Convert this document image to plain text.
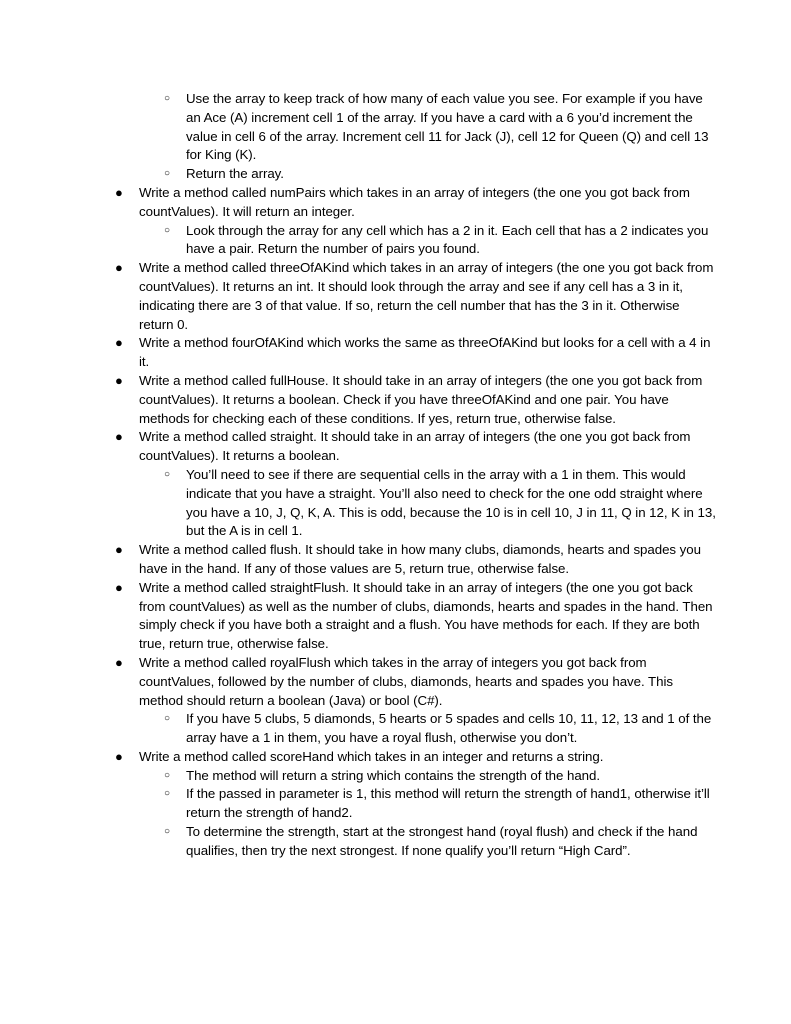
○ Use the array to keep track of how many of each value you see. For example if you have an Ace (A) increment cell 1 of the array. If you have a card with a 6 you’d increment the value in cell 6 of the array. Increment cell 11 for Jack (J), cell 12 for Queen (Q) and cell 13 for King (K).
○ Return the array.
● Write a method called numPairs which takes in an array of integers (the one you got back from countValues). It will return an integer.
○ Look through the array for any cell which has a 2 in it. Each cell that has a 2 indicates you have a pair. Return the number of pairs you found.
● Write a method called threeOfAKind which takes in an array of integers (the one you got back from countValues). It returns an int. It should look through the array and see if any cell has a 3 in it, indicating there are 3 of that value. If so, return the cell number that has the 3 in it. Otherwise return 0.
● Write a method fourOfAKind which works the same as threeOfAKind but looks for a cell with a 4 in it.
● Write a method called fullHouse. It should take in an array of integers (the one you got back from countValues). It returns a boolean. Check if you have threeOfAKind and one pair. You have methods for checking each of these conditions. If yes, return true, otherwise false.
● Write a method called straight. It should take in an array of integers (the one you got back from countValues). It returns a boolean.
○ You’ll need to see if there are sequential cells in the array with a 1 in them. This would indicate that you have a straight. You’ll also need to check for the one odd straight where you have a 10, J, Q, K, A. This is odd, because the 10 is in cell 10, J in 11, Q in 12, K in 13, but the A is in cell 1.
● Write a method called flush. It should take in how many clubs, diamonds, hearts and spades you have in the hand. If any of those values are 5, return true, otherwise false.
● Write a method called straightFlush. It should take in an array of integers (the one you got back from countValues) as well as the number of clubs, diamonds, hearts and spades in the hand. Then simply check if you have both a straight and a flush. You have methods for each. If they are both true, return true, otherwise false.
● Write a method called royalFlush which takes in the array of integers you got back from countValues, followed by the number of clubs, diamonds, hearts and spades you have. This method should return a boolean (Java) or bool (C#).
○ If you have 5 clubs, 5 diamonds, 5 hearts or 5 spades and cells 10, 11, 12, 13 and 1 of the array have a 1 in them, you have a royal flush, otherwise you don’t.
● Write a method called scoreHand which takes in an integer and returns a string.
○ The method will return a string which contains the strength of the hand.
○ If the passed in parameter is 1, this method will return the strength of hand1, otherwise it’ll return the strength of hand2.
○ To determine the strength, start at the strongest hand (royal flush) and check if the hand qualifies, then try the next strongest. If none qualify you’ll return “High Card”.
